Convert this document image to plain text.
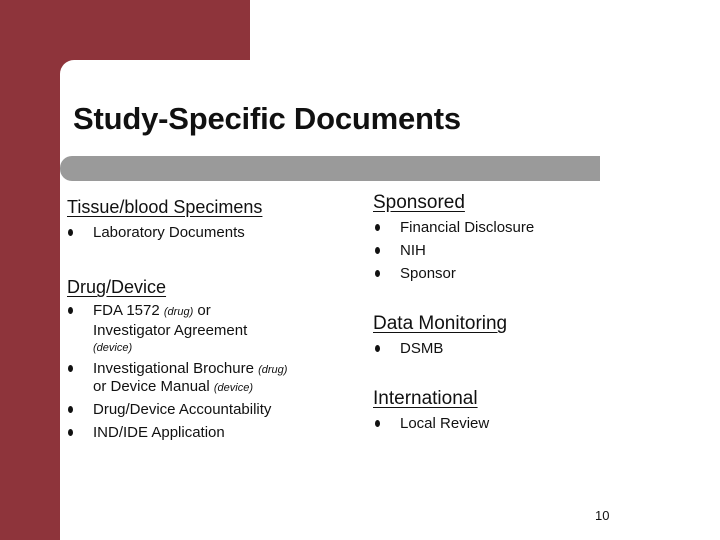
Study-Specific Documents
Tissue/blood Specimens
Laboratory Documents
Drug/Device
FDA 1572 (drug) or
Investigator Agreement
(device)
Investigational Brochure (drug)
or Device Manual (device)
Drug/Device Accountability
IND/IDE Application
Sponsored
Financial Disclosure
NIH
Sponsor
Data Monitoring
DSMB
International
Local Review
10
